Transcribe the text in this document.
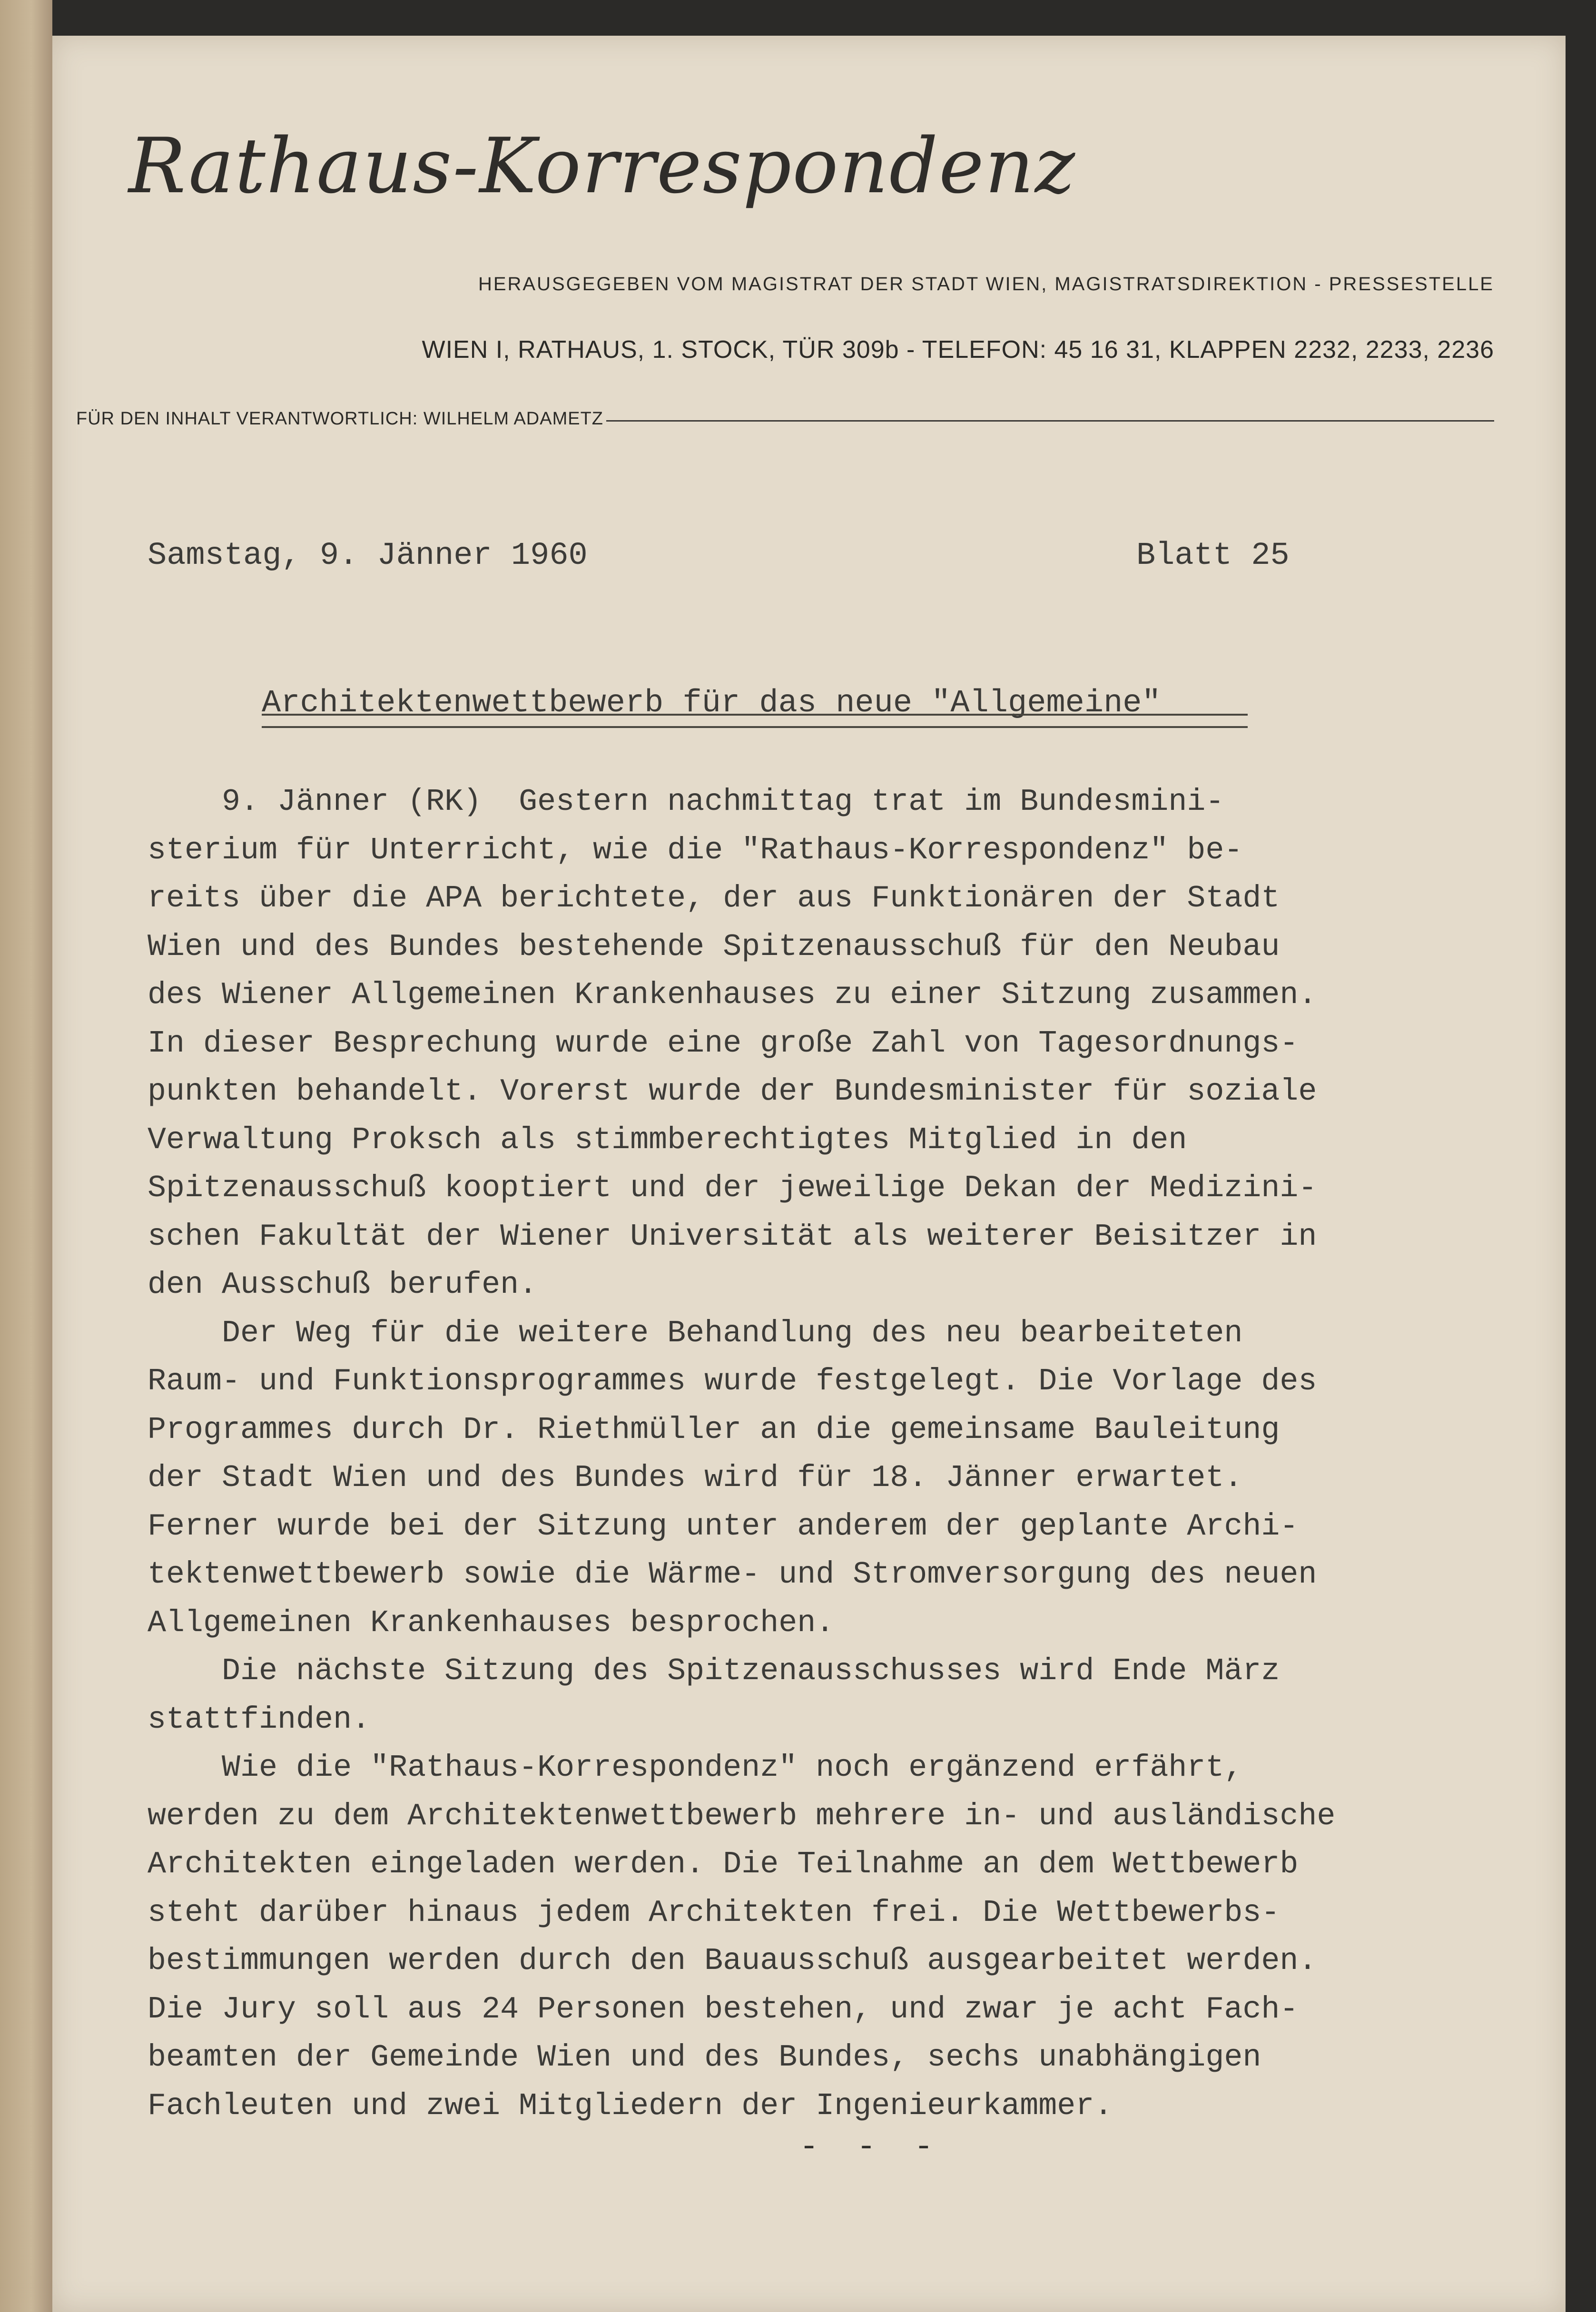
Rathaus-Korrespondenz
HERAUSGEGEBEN VOM MAGISTRAT DER STADT WIEN, MAGISTRATSDIREKTION - PRESSESTELLE
WIEN I, RATHAUS, 1. STOCK, TÜR 309b - TELEFON: 45 16 31, KLAPPEN 2232, 2233, 2236
FÜR DEN INHALT VERANTWORTLICH: WILHELM ADAMETZ
Samstag, 9. Jänner 1960	Blatt 25
Architektenwettbewerb für das neue "Allgemeine"

9. Jänner (RK)  Gestern nachmittag trat im Bundesmini-

sterium für Unterricht, wie die "Rathaus-Korrespondenz" be-

reits über die APA berichtete, der aus Funktionären der Stadt

Wien und des Bundes bestehende Spitzenausschuß für den Neubau

des Wiener Allgemeinen Krankenhauses zu einer Sitzung zusammen.

In dieser Besprechung wurde eine große Zahl von Tagesordnungs-

punkten behandelt. Vorerst wurde der Bundesminister für soziale

Verwaltung Proksch als stimmberechtigtes Mitglied in den

Spitzenausschuß kooptiert und der jeweilige Dekan der Medizini-

schen Fakultät der Wiener Universität als weiterer Beisitzer in

den Ausschuß berufen.

Der Weg für die weitere Behandlung des neu bearbeiteten

Raum- und Funktionsprogrammes wurde festgelegt. Die Vorlage des

Programmes durch Dr. Riethmüller an die gemeinsame Bauleitung

der Stadt Wien und des Bundes wird für 18. Jänner erwartet.

Ferner wurde bei der Sitzung unter anderem der geplante Archi-

tektenwettbewerb sowie die Wärme- und Stromversorgung des neuen

Allgemeinen Krankenhauses besprochen.

Die nächste Sitzung des Spitzenausschusses wird Ende März

stattfinden.

Wie die "Rathaus-Korrespondenz" noch ergänzend erfährt,

werden zu dem Architektenwettbewerb mehrere in- und ausländische

Architekten eingeladen werden. Die Teilnahme an dem Wettbewerb

steht darüber hinaus jedem Architekten frei. Die Wettbewerbs-

bestimmungen werden durch den Bauausschuß ausgearbeitet werden.

Die Jury soll aus 24 Personen bestehen, und zwar je acht Fach-

beamten der Gemeinde Wien und des Bundes, sechs unabhängigen

Fachleuten und zwei Mitgliedern der Ingenieurkammer.

- - -
